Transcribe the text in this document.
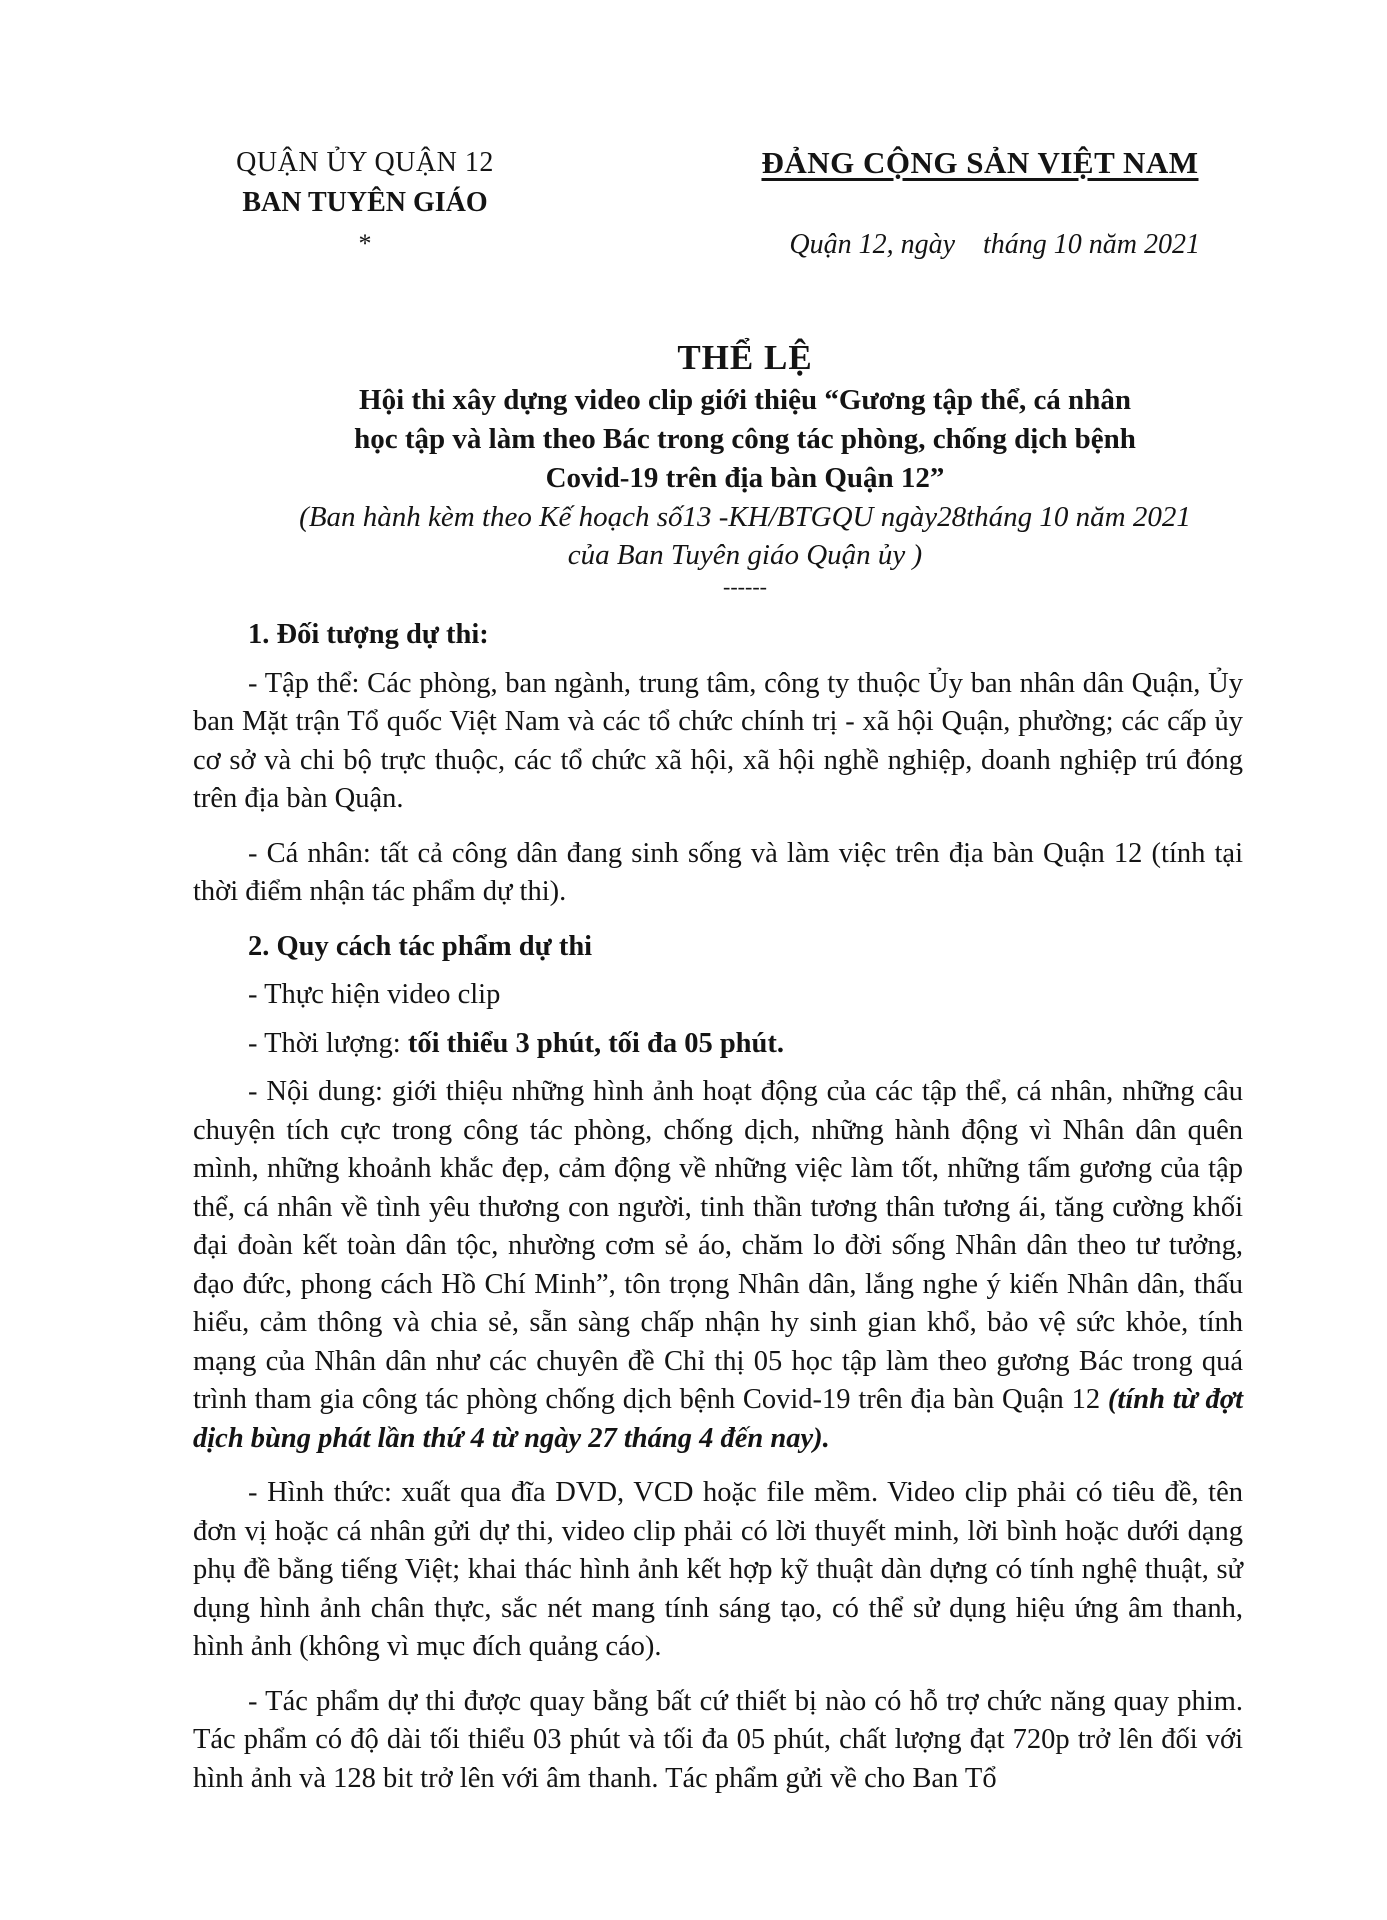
QUẬN ỦY QUẬN 12
BAN TUYÊN GIÁO
*
ĐẢNG CỘNG SẢN VIỆT NAM
Quận 12, ngày    tháng 10 năm 2021
THỂ LỆ
Hội thi xây dựng video clip giới thiệu “Gương tập thể, cá nhân
học tập và làm theo Bác trong công tác phòng, chống dịch bệnh
Covid-19 trên địa bàn Quận 12”
(Ban hành kèm theo Kế hoạch số13 -KH/BTGQU ngày28tháng 10 năm 2021
của Ban Tuyên giáo Quận ủy )
------
1. Đối tượng dự thi:
- Tập thể: Các phòng, ban ngành, trung tâm, công ty thuộc Ủy ban nhân dân Quận, Ủy ban Mặt trận Tổ quốc Việt Nam và các tổ chức chính trị - xã hội Quận, phường; các cấp ủy cơ sở và chi bộ trực thuộc, các tổ chức xã hội, xã hội nghề nghiệp, doanh nghiệp trú đóng trên địa bàn Quận.
- Cá nhân: tất cả công dân đang sinh sống và làm việc trên địa bàn Quận 12 (tính tại thời điểm nhận tác phẩm dự thi).
2. Quy cách tác phẩm dự thi
- Thực hiện video clip
- Thời lượng: tối thiểu 3 phút, tối đa 05 phút.
- Nội dung: giới thiệu những hình ảnh hoạt động của các tập thể, cá nhân, những câu chuyện tích cực trong công tác phòng, chống dịch, những hành động vì Nhân dân quên mình, những khoảnh khắc đẹp, cảm động về những việc làm tốt, những tấm gương của tập thể, cá nhân về tình yêu thương con người, tinh thần tương thân tương ái, tăng cường khối đại đoàn kết toàn dân tộc, nhường cơm sẻ áo, chăm lo đời sống Nhân dân theo tư tưởng, đạo đức, phong cách Hồ Chí Minh”, tôn trọng Nhân dân, lắng nghe ý kiến Nhân dân, thấu hiểu, cảm thông và chia sẻ, sẵn sàng chấp nhận hy sinh gian khổ, bảo vệ sức khỏe, tính mạng của Nhân dân như các chuyên đề Chỉ thị 05 học tập làm theo gương Bác trong quá trình tham gia công tác phòng chống dịch bệnh Covid-19 trên địa bàn Quận 12 (tính từ đợt dịch bùng phát lần thứ 4 từ ngày 27 tháng 4 đến nay).
- Hình thức: xuất qua đĩa DVD, VCD hoặc file mềm. Video clip phải có tiêu đề, tên đơn vị hoặc cá nhân gửi dự thi, video clip phải có lời thuyết minh, lời bình hoặc dưới dạng phụ đề bằng tiếng Việt; khai thác hình ảnh kết hợp kỹ thuật dàn dựng có tính nghệ thuật, sử dụng hình ảnh chân thực, sắc nét mang tính sáng tạo, có thể sử dụng hiệu ứng âm thanh, hình ảnh (không vì mục đích quảng cáo).
- Tác phẩm dự thi được quay bằng bất cứ thiết bị nào có hỗ trợ chức năng quay phim. Tác phẩm có độ dài tối thiểu 03 phút và tối đa 05 phút, chất lượng đạt 720p trở lên đối với hình ảnh và 128 bit trở lên với âm thanh. Tác phẩm gửi về cho Ban Tổ
